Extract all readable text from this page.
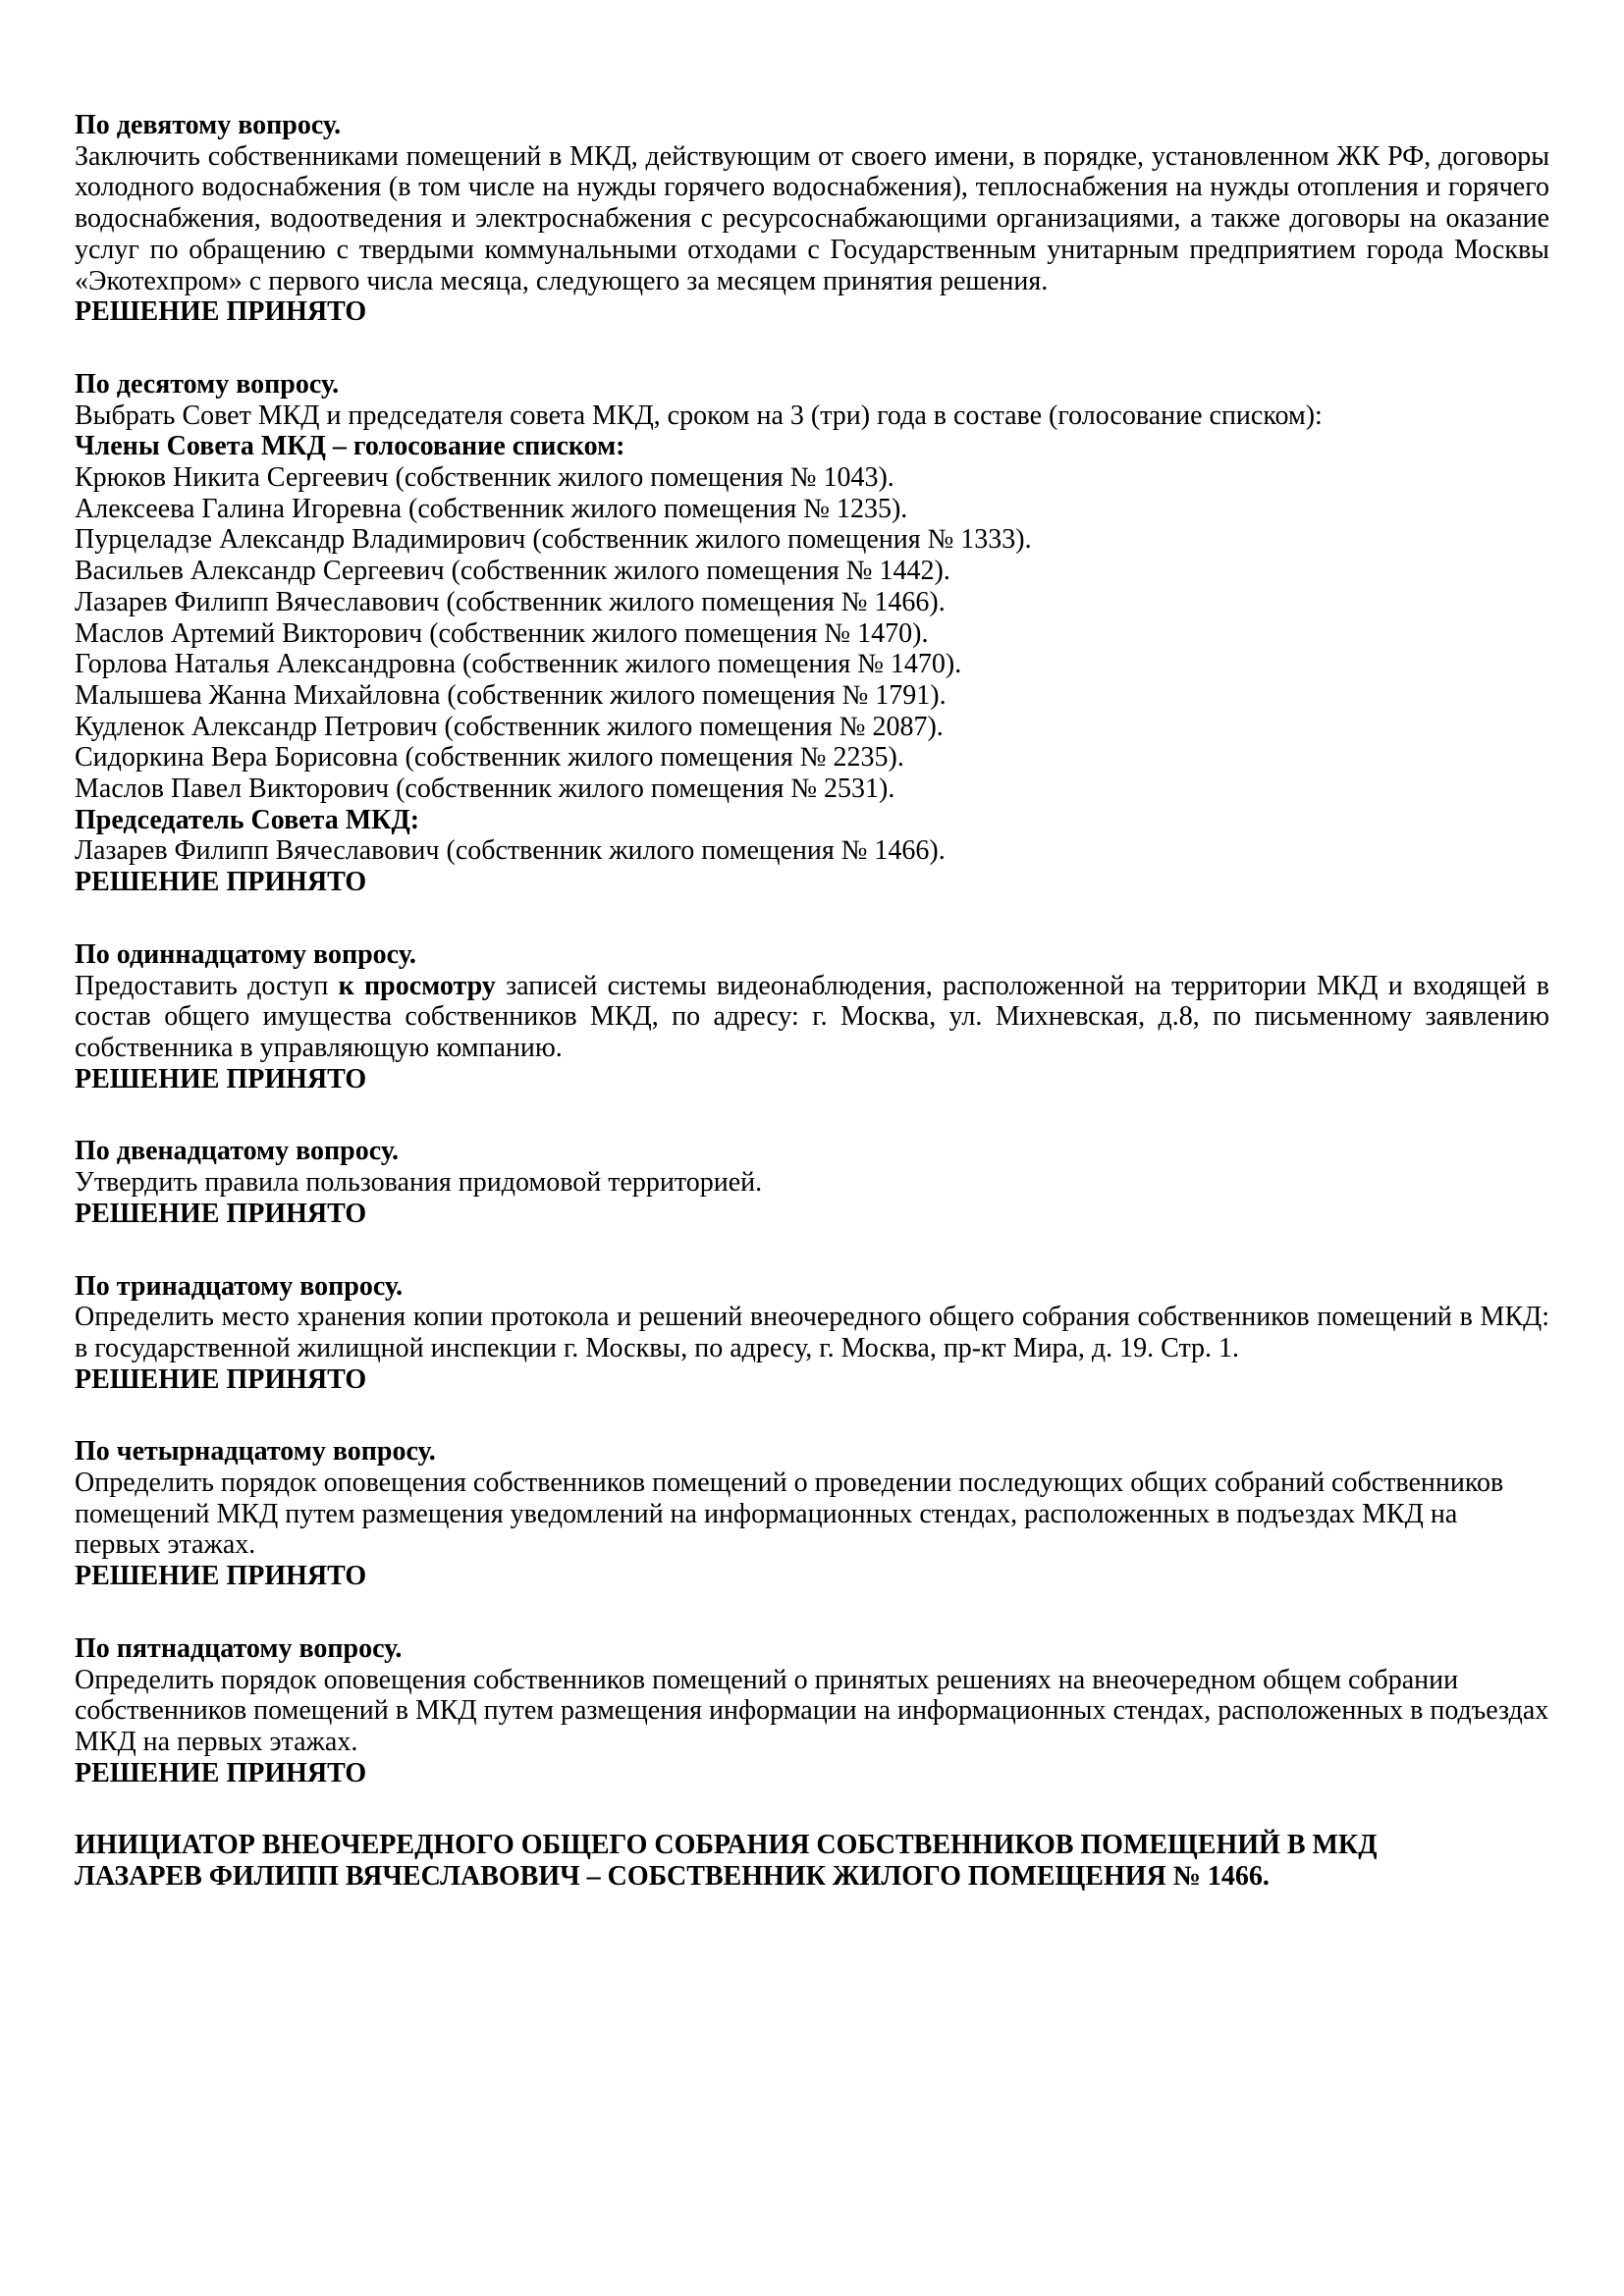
По девятому вопросу.

Заключить собственниками помещений в МКД, действующим от своего имени, в порядке, установленном ЖК РФ, договоры холодного водоснабжения (в том числе на нужды горячего водоснабжения), теплоснабжения на нужды отопления и горячего водоснабжения, водоотведения и электроснабжения с ресурсоснабжающими организациями, а также договоры на оказание услуг по обращению с твердыми коммунальными отходами с Государственным унитарным предприятием города Москвы «Экотехпром» с первого числа месяца, следующего за месяцем принятия решения.

РЕШЕНИЕ ПРИНЯТО

По десятому вопросу.

Выбрать Совет МКД и председателя совета МКД, сроком на 3 (три) года в составе (голосование списком):

Члены Совета МКД – голосование списком:

Крюков Никита Сергеевич (собственник жилого помещения № 1043).

Алексеева Галина Игоревна (собственник жилого помещения № 1235).

Пурцеладзе Александр Владимирович (собственник жилого помещения № 1333).

Васильев Александр Сергеевич (собственник жилого помещения № 1442).

Лазарев Филипп Вячеславович (собственник жилого помещения № 1466).

Маслов Артемий Викторович (собственник жилого помещения № 1470).

Горлова Наталья Александровна (собственник жилого помещения № 1470).

Малышева Жанна Михайловна (собственник жилого помещения № 1791).

Кудленок Александр Петрович (собственник жилого помещения № 2087).

Сидоркина Вера Борисовна (собственник жилого помещения № 2235).

Маслов Павел Викторович (собственник жилого помещения № 2531).

Председатель Совета МКД:

Лазарев Филипп Вячеславович (собственник жилого помещения № 1466).

РЕШЕНИЕ ПРИНЯТО

По одиннадцатому вопросу.

Предоставить доступ к просмотру записей системы видеонаблюдения, расположенной на территории МКД и входящей в состав общего имущества собственников МКД, по адресу: г. Москва, ул. Михневская, д.8, по письменному заявлению собственника в управляющую компанию.

РЕШЕНИЕ ПРИНЯТО

По двенадцатому вопросу.

Утвердить правила пользования придомовой территорией.

РЕШЕНИЕ ПРИНЯТО

По тринадцатому вопросу.

Определить место хранения копии протокола и решений внеочередного общего собрания собственников помещений в МКД: в государственной жилищной инспекции г. Москвы, по адресу, г. Москва, пр-кт Мира, д. 19. Стр. 1.

РЕШЕНИЕ ПРИНЯТО

По четырнадцатому вопросу.

Определить порядок оповещения собственников помещений о проведении последующих общих собраний собственников помещений МКД путем размещения уведомлений на информационных стендах, расположенных в подъездах МКД на первых этажах.

РЕШЕНИЕ ПРИНЯТО

По пятнадцатому вопросу.

Определить порядок оповещения собственников помещений о принятых решениях на внеочередном общем собрании собственников помещений в МКД путем размещения информации на информационных стендах, расположенных в подъездах МКД на первых этажах.

РЕШЕНИЕ ПРИНЯТО

ИНИЦИАТОР ВНЕОЧЕРЕДНОГО ОБЩЕГО СОБРАНИЯ СОБСТВЕННИКОВ ПОМЕЩЕНИЙ В МКД

ЛАЗАРЕВ ФИЛИПП ВЯЧЕСЛАВОВИЧ – СОБСТВЕННИК ЖИЛОГО ПОМЕЩЕНИЯ № 1466.
